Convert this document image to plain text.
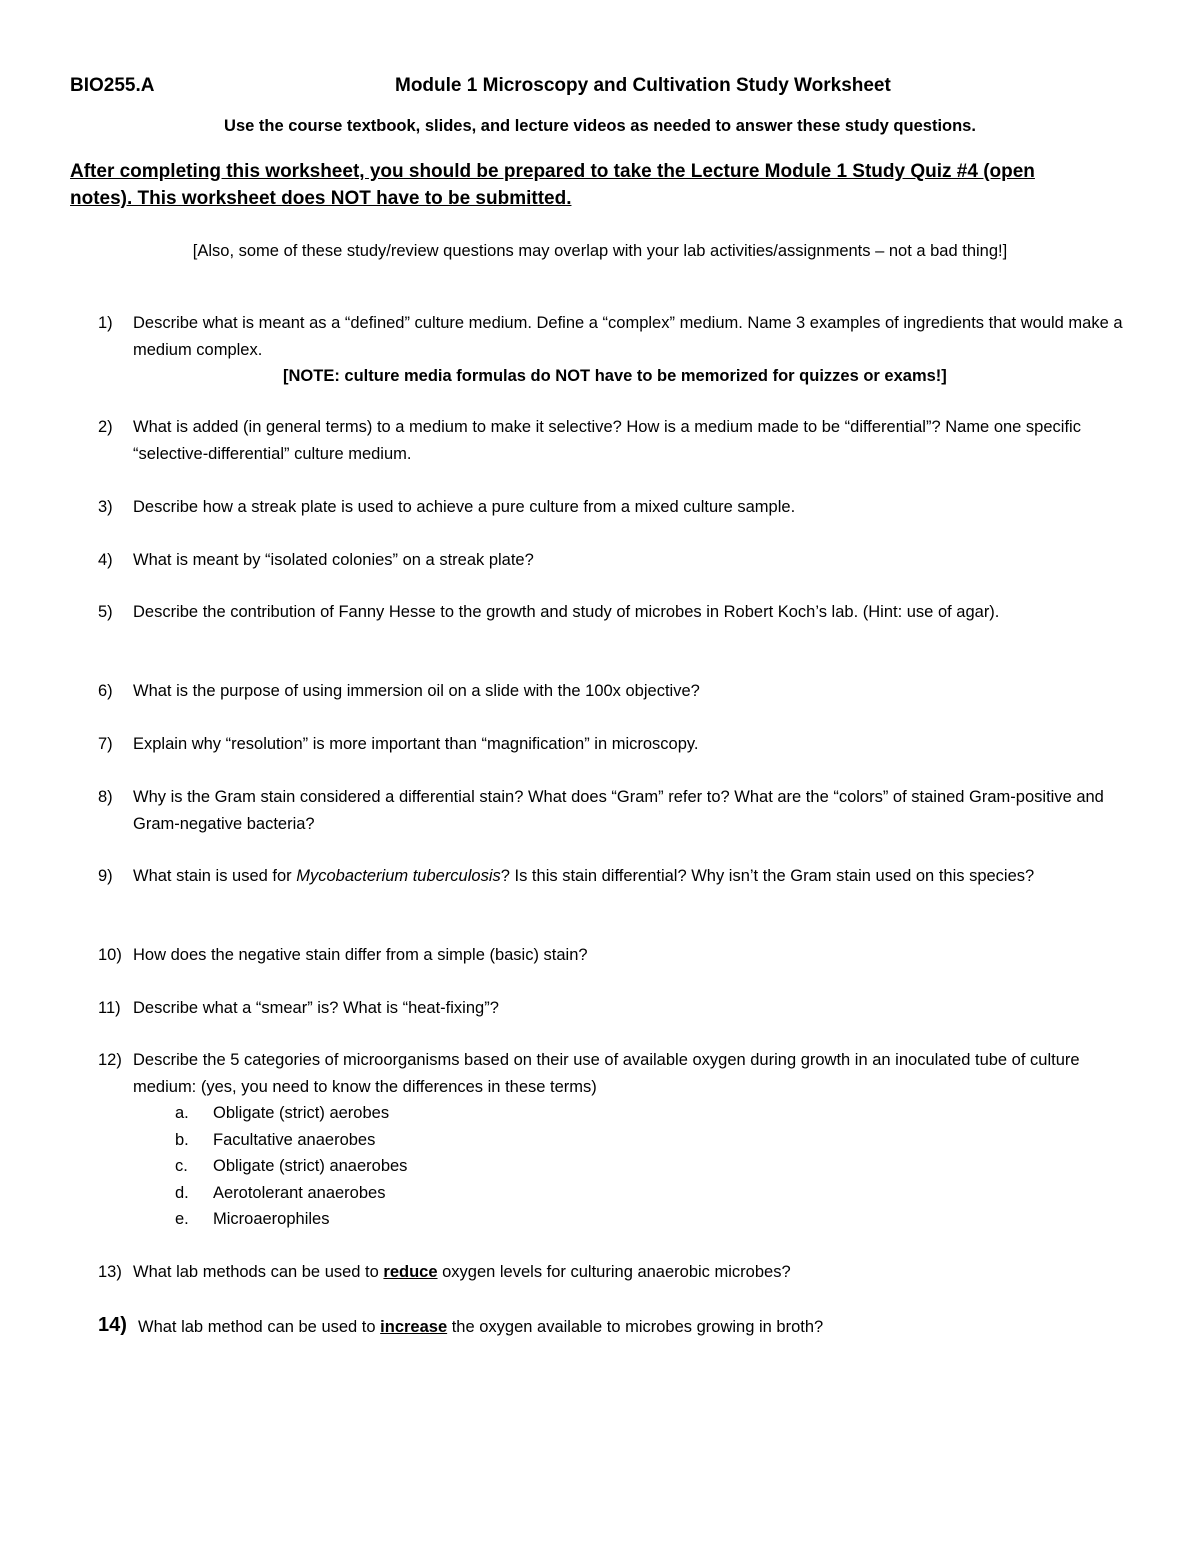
BIO255.A	Module 1 Microscopy and Cultivation Study Worksheet
Use the course textbook, slides, and lecture videos as needed to answer these study questions.
After completing this worksheet, you should be prepared to take the Lecture Module 1 Study Quiz #4 (open
notes). This worksheet does NOT have to be submitted.
[Also, some of these study/review questions may overlap with your lab activities/assignments – not a bad thing!]
1) Describe what is meant as a “defined” culture medium. Define a “complex” medium. Name 3 examples of ingredients that would make a medium complex.
[NOTE: culture media formulas do NOT have to be memorized for quizzes or exams!]
2) What is added (in general terms) to a medium to make it selective? How is a medium made to be “differential”? Name one specific “selective-differential” culture medium.
3) Describe how a streak plate is used to achieve a pure culture from a mixed culture sample.
4) What is meant by “isolated colonies” on a streak plate?
5) Describe the contribution of Fanny Hesse to the growth and study of microbes in Robert Koch’s lab. (Hint: use of agar).
6) What is the purpose of using immersion oil on a slide with the 100x objective?
7) Explain why “resolution” is more important than “magnification” in microscopy.
8) Why is the Gram stain considered a differential stain? What does “Gram” refer to? What are the “colors” of stained Gram-positive and Gram-negative bacteria?
9) What stain is used for Mycobacterium tuberculosis? Is this stain differential? Why isn’t the Gram stain used on this species?
10) How does the negative stain differ from a simple (basic) stain?
11) Describe what a “smear” is? What is “heat-fixing”?
12) Describe the 5 categories of microorganisms based on their use of available oxygen during growth in an inoculated tube of culture medium: (yes, you need to know the differences in these terms)
a. Obligate (strict) aerobes
b. Facultative anaerobes
c. Obligate (strict) anaerobes
d. Aerotolerant anaerobes
e. Microaerophiles
13) What lab methods can be used to reduce oxygen levels for culturing anaerobic microbes?
14) What lab method can be used to increase the oxygen available to microbes growing in broth?
